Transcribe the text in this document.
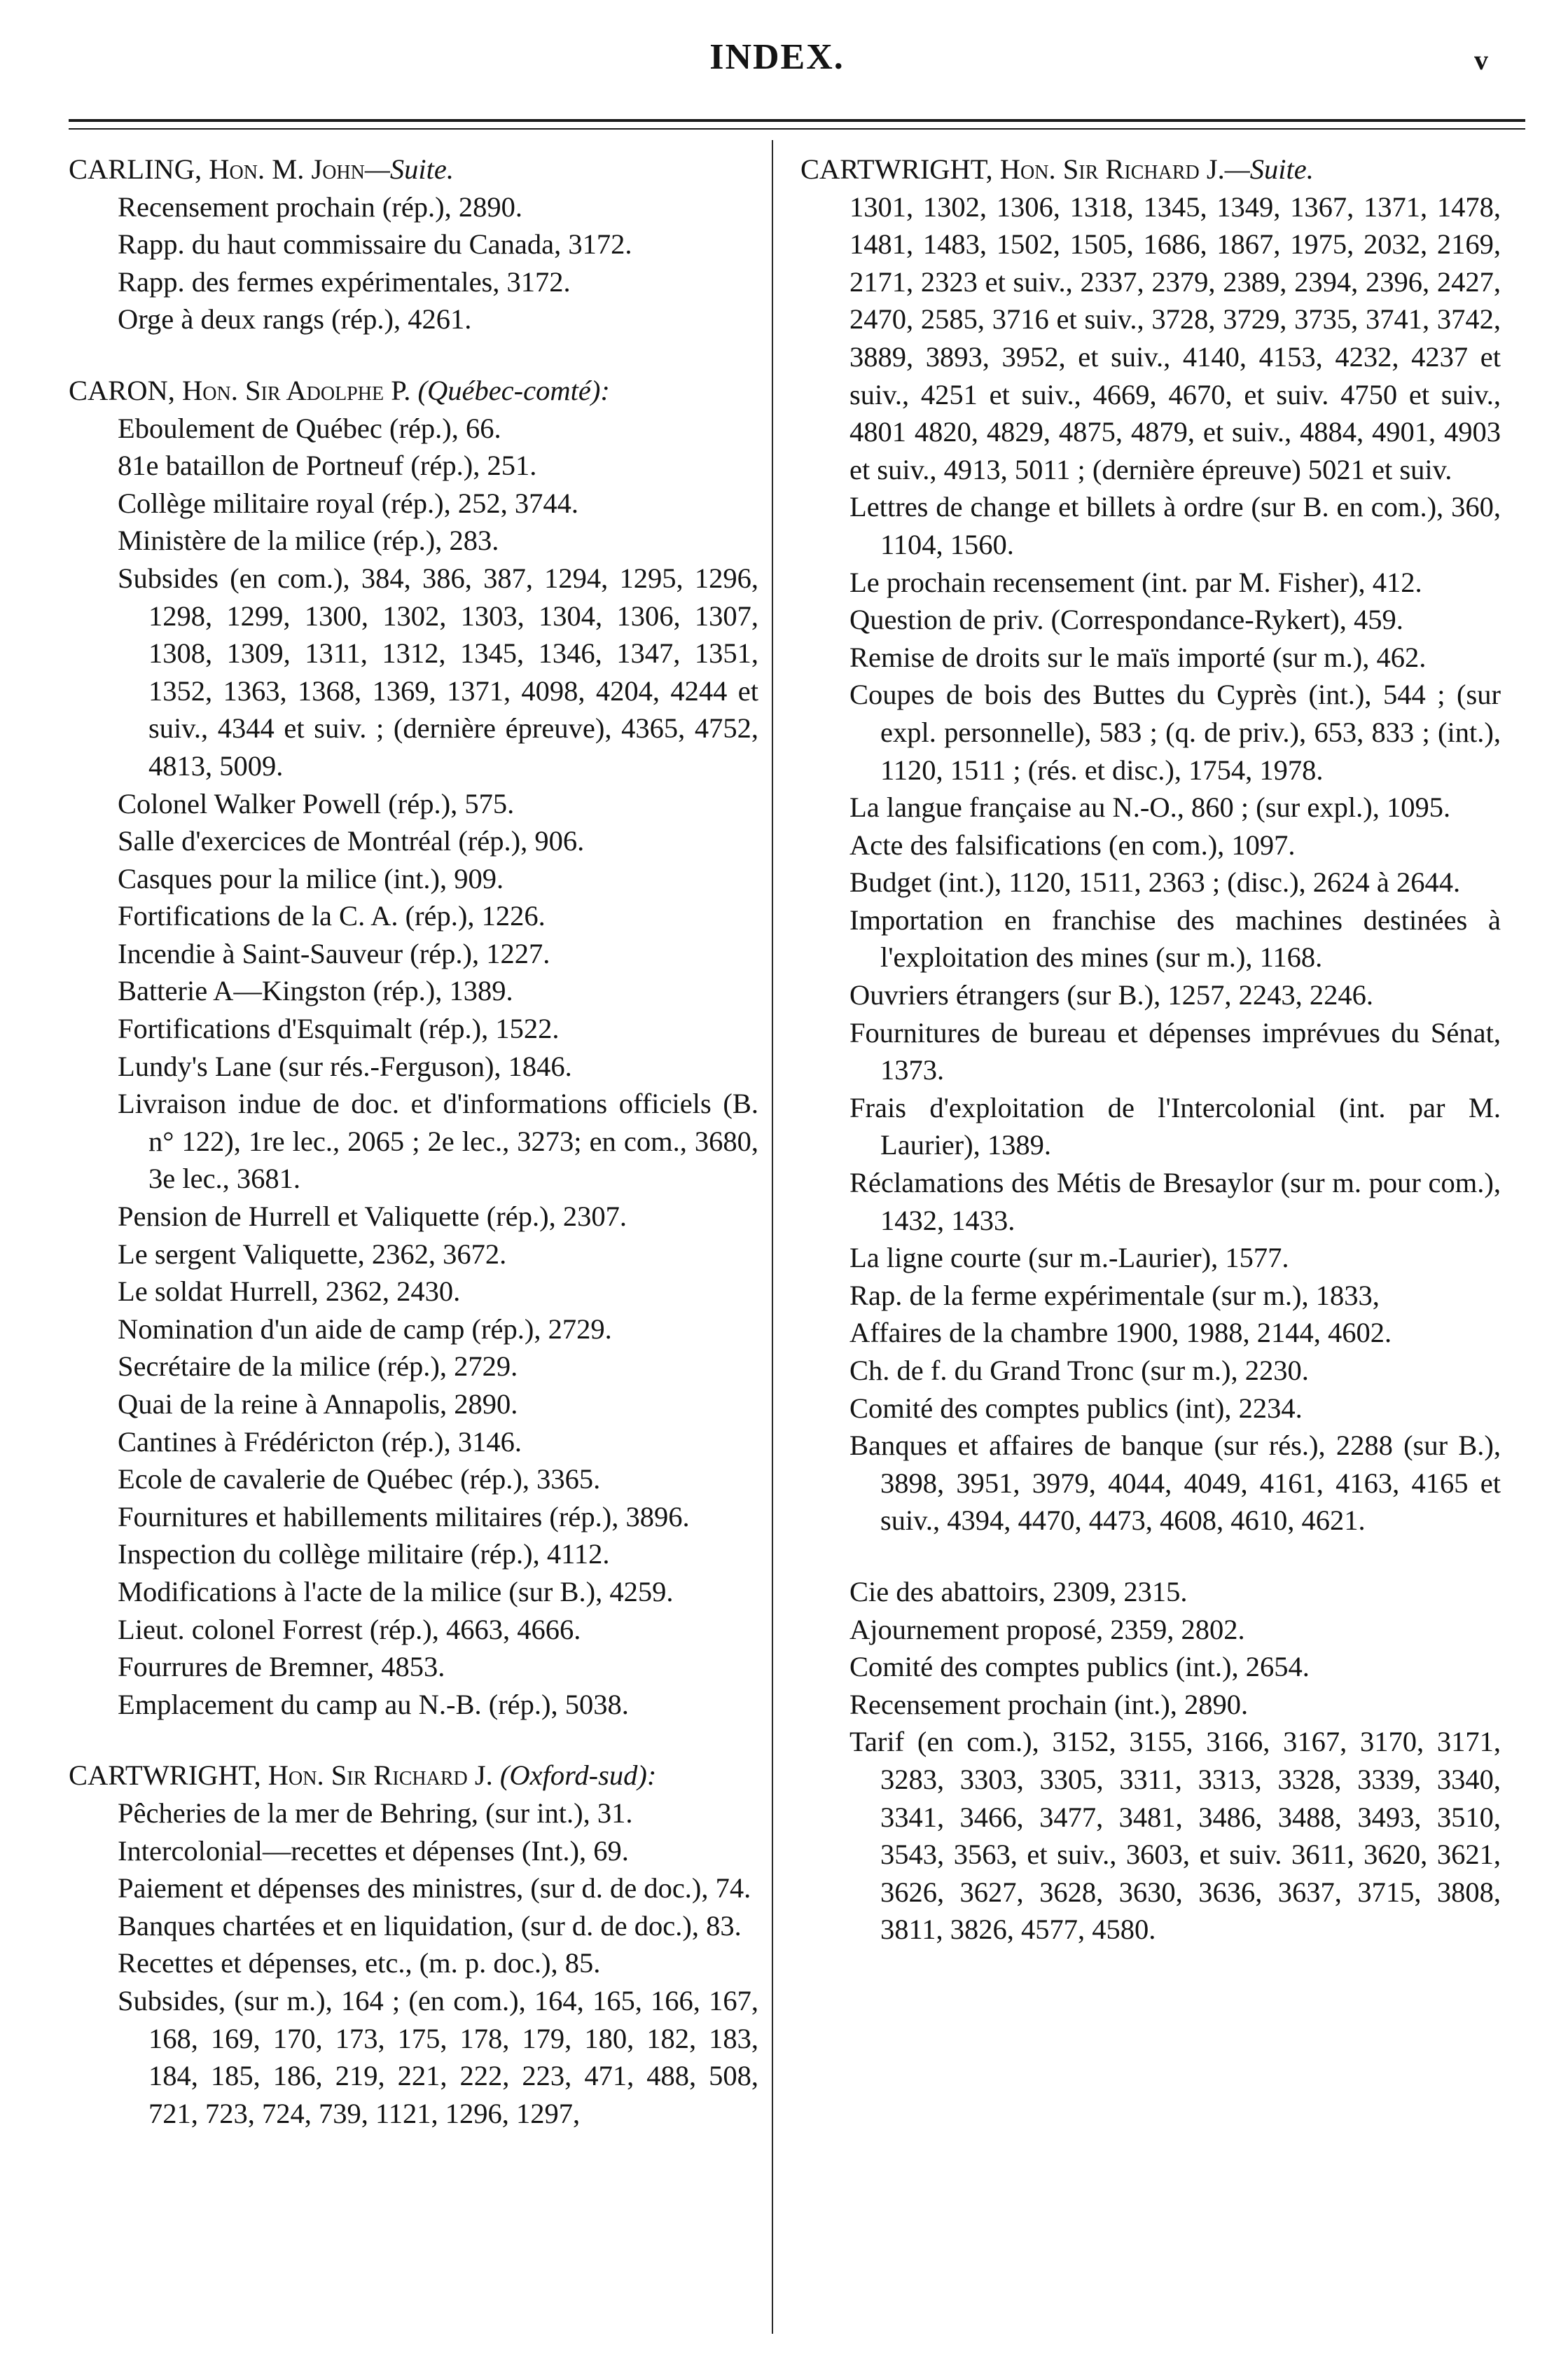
INDEX.	v

CARLING, Hon. M. John—Suite.

Recensement prochain (rép.), 2890.

Rapp. du haut commissaire du Canada, 3172.

Rapp. des fermes expérimentales, 3172.

Orge à deux rangs (rép.), 4261.

CARON, Hon. Sir Adolphe P. (Québec-comté):

Eboulement de Québec (rép.), 66.

81e bataillon de Portneuf (rép.), 251.

Collège militaire royal (rép.), 252, 3744.

Ministère de la milice (rép.), 283.

Subsides (en com.), 384, 386, 387, 1294, 1295, 1296, 1298, 1299, 1300, 1302, 1303, 1304, 1306, 1307, 1308, 1309, 1311, 1312, 1345, 1346, 1347, 1351, 1352, 1363, 1368, 1369, 1371, 4098, 4204, 4244 et suiv., 4344 et suiv. ; (dernière épreuve), 4365, 4752, 4813, 5009.

Colonel Walker Powell (rép.), 575.

Salle d'exercices de Montréal (rép.), 906.

Casques pour la milice (int.), 909.

Fortifications de la C. A. (rép.), 1226.

Incendie à Saint-Sauveur (rép.), 1227.

Batterie A—Kingston (rép.), 1389.

Fortifications d'Esquimalt (rép.), 1522.

Lundy's Lane (sur rés.-Ferguson), 1846.

Livraison indue de doc. et d'informations officiels (B. n° 122), 1re lec., 2065 ; 2e lec., 3273; en com., 3680, 3e lec., 3681.

Pension de Hurrell et Valiquette (rép.), 2307.

Le sergent Valiquette, 2362, 3672.

Le soldat Hurrell, 2362, 2430.

Nomination d'un aide de camp (rép.), 2729.

Secrétaire de la milice (rép.), 2729.

Quai de la reine à Annapolis, 2890.

Cantines à Frédéricton (rép.), 3146.

Ecole de cavalerie de Québec (rép.), 3365.

Fournitures et habillements militaires (rép.), 3896.

Inspection du collège militaire (rép.), 4112.

Modifications à l'acte de la milice (sur B.), 4259.

Lieut. colonel Forrest (rép.), 4663, 4666.

Fourrures de Bremner, 4853.

Emplacement du camp au N.-B. (rép.), 5038.

CARTWRIGHT, Hon. Sir Richard J. (Oxford-sud):

Pêcheries de la mer de Behring, (sur int.), 31.

Intercolonial—recettes et dépenses (Int.), 69.

Paiement et dépenses des ministres, (sur d. de doc.), 74.

Banques chartées et en liquidation, (sur d. de doc.), 83.

Recettes et dépenses, etc., (m. p. doc.), 85.

Subsides, (sur m.), 164 ; (en com.), 164, 165, 166, 167, 168, 169, 170, 173, 175, 178, 179, 180, 182, 183, 184, 185, 186, 219, 221, 222, 223, 471, 488, 508, 721, 723, 724, 739, 1121, 1296, 1297,

CARTWRIGHT, Hon. Sir Richard J.—Suite.

1301, 1302, 1306, 1318, 1345, 1349, 1367, 1371, 1478, 1481, 1483, 1502, 1505, 1686, 1867, 1975, 2032, 2169, 2171, 2323 et suiv., 2337, 2379, 2389, 2394, 2396, 2427, 2470, 2585, 3716 et suiv., 3728, 3729, 3735, 3741, 3742, 3889, 3893, 3952, et suiv., 4140, 4153, 4232, 4237 et suiv., 4251 et suiv., 4669, 4670, et suiv. 4750 et suiv., 4801 4820, 4829, 4875, 4879, et suiv., 4884, 4901, 4903 et suiv., 4913, 5011 ; (dernière épreuve) 5021 et suiv.

Lettres de change et billets à ordre (sur B. en com.), 360, 1104, 1560.

Le prochain recensement (int. par M. Fisher), 412.

Question de priv. (Correspondance-Rykert), 459.

Remise de droits sur le maïs importé (sur m.), 462.

Coupes de bois des Buttes du Cyprès (int.), 544 ; (sur expl. personnelle), 583 ; (q. de priv.), 653, 833 ; (int.), 1120, 1511 ; (rés. et disc.), 1754, 1978.

La langue française au N.-O., 860 ; (sur expl.), 1095.

Acte des falsifications (en com.), 1097.

Budget (int.), 1120, 1511, 2363 ; (disc.), 2624 à 2644.

Importation en franchise des machines destinées à l'exploitation des mines (sur m.), 1168.

Ouvriers étrangers (sur B.), 1257, 2243, 2246.

Fournitures de bureau et dépenses imprévues du Sénat, 1373.

Frais d'exploitation de l'Intercolonial (int. par M. Laurier), 1389.

Réclamations des Métis de Bresaylor (sur m. pour com.), 1432, 1433.

La ligne courte (sur m.-Laurier), 1577.

Rap. de la ferme expérimentale (sur m.), 1833,

Affaires de la chambre 1900, 1988, 2144, 4602.

Ch. de f. du Grand Tronc (sur m.), 2230.

Comité des comptes publics (int), 2234.

Banques et affaires de banque (sur rés.), 2288 (sur B.), 3898, 3951, 3979, 4044, 4049, 4161, 4163, 4165 et suiv., 4394, 4470, 4473, 4608, 4610, 4621.

Cie des abattoirs, 2309, 2315.

Ajournement proposé, 2359, 2802.

Comité des comptes publics (int.), 2654.

Recensement prochain (int.), 2890.

Tarif (en com.), 3152, 3155, 3166, 3167, 3170, 3171, 3283, 3303, 3305, 3311, 3313, 3328, 3339, 3340, 3341, 3466, 3477, 3481, 3486, 3488, 3493, 3510, 3543, 3563, et suiv., 3603, et suiv. 3611, 3620, 3621, 3626, 3627, 3628, 3630, 3636, 3637, 3715, 3808, 3811, 3826, 4577, 4580.
